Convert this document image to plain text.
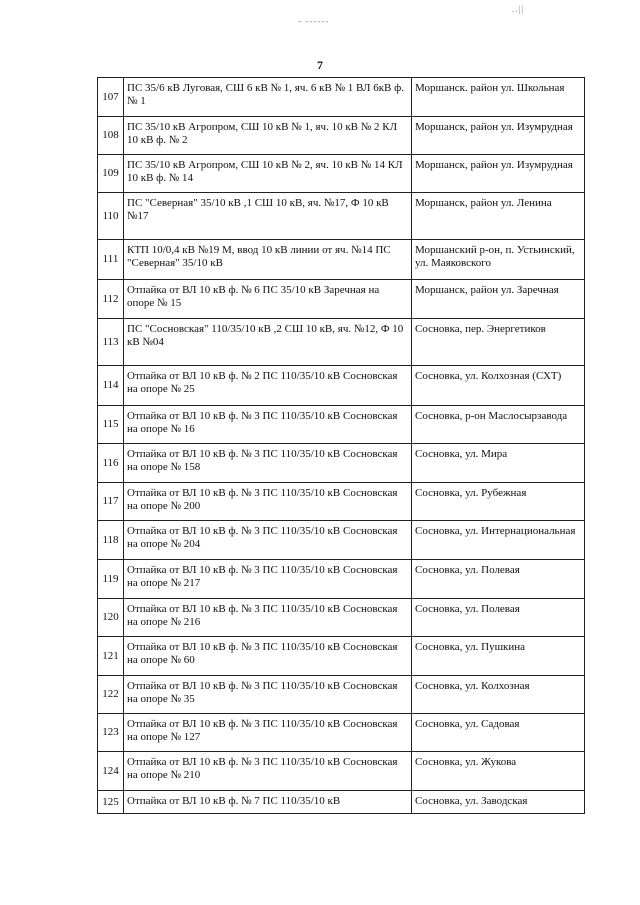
- ------
..||
7
107	ПС 35/6 кВ Луговая, СШ 6 кВ № 1, яч. 6 кВ № 1 ВЛ 6кВ ф. № 1	Моршанск. район ул. Школьная
108	ПС 35/10 кВ Агропром, СШ 10 кВ № 1, яч. 10 кВ № 2 КЛ 10 кВ ф. № 2	Моршанск, район ул. Изумрудная
109	ПС 35/10 кВ Агропром, СШ 10 кВ № 2, яч. 10 кВ № 14 КЛ 10 кВ ф. № 14	Моршанск, район ул. Изумрудная
110	ПС "Северная" 35/10 кВ ,1 СШ 10 кВ, яч. №17, Ф 10 кВ №17	Моршанск, район ул. Ленина
111	КТП 10/0,4 кВ №19 М, ввод 10 кВ линии от яч. №14 ПС "Северная" 35/10 кВ	Моршанский р-он, п. Устьинский, ул. Маяковского
112	Отпайка от ВЛ 10 кВ ф. № 6 ПС 35/10 кВ Заречная на опоре № 15	Моршанск, район ул. Заречная
113	ПС "Сосновская" 110/35/10 кВ ,2 СШ 10 кВ, яч. №12, Ф 10 кВ №04	Сосновка, пер. Энергетиков
114	Отпайка от ВЛ 10 кВ ф. № 2 ПС 110/35/10 кВ Сосновская на опоре № 25	Сосновка, ул. Колхозная (СХТ)
115	Отпайка от ВЛ 10 кВ ф. № 3 ПС 110/35/10 кВ Сосновская на опоре № 16	Сосновка, р-он Маслосырзавода
116	Отпайка от ВЛ 10 кВ ф. № 3 ПС 110/35/10 кВ Сосновская на опоре № 158	Сосновка, ул. Мира
117	Отпайка от ВЛ 10 кВ ф. № 3 ПС 110/35/10 кВ Сосновская на опоре № 200	Сосновка, ул. Рубежная
118	Отпайка от ВЛ 10 кВ ф. № 3 ПС 110/35/10 кВ Сосновская на опоре № 204	Сосновка, ул. Интернациональная
119	Отпайка от ВЛ 10 кВ ф. № 3 ПС 110/35/10 кВ Сосновская на опоре № 217	Сосновка, ул. Полевая
120	Отпайка от ВЛ 10 кВ ф. № 3 ПС 110/35/10 кВ Сосновская на опоре № 216	Сосновка, ул. Полевая
121	Отпайка от ВЛ 10 кВ ф. № 3 ПС 110/35/10 кВ Сосновская на опоре № 60	Сосновка, ул. Пушкина
122	Отпайка от ВЛ 10 кВ ф. № 3 ПС 110/35/10 кВ Сосновская на опоре № 35	Сосновка, ул. Колхозная
123	Отпайка от ВЛ 10 кВ ф. № 3 ПС 110/35/10 кВ Сосновская на опоре № 127	Сосновка, ул. Садовая
124	Отпайка от ВЛ 10 кВ ф. № 3 ПС 110/35/10 кВ Сосновская на опоре № 210	Сосновка, ул. Жукова
125	Отпайка от ВЛ 10 кВ ф. № 7 ПС 110/35/10 кВ	Сосновка, ул. Заводская
